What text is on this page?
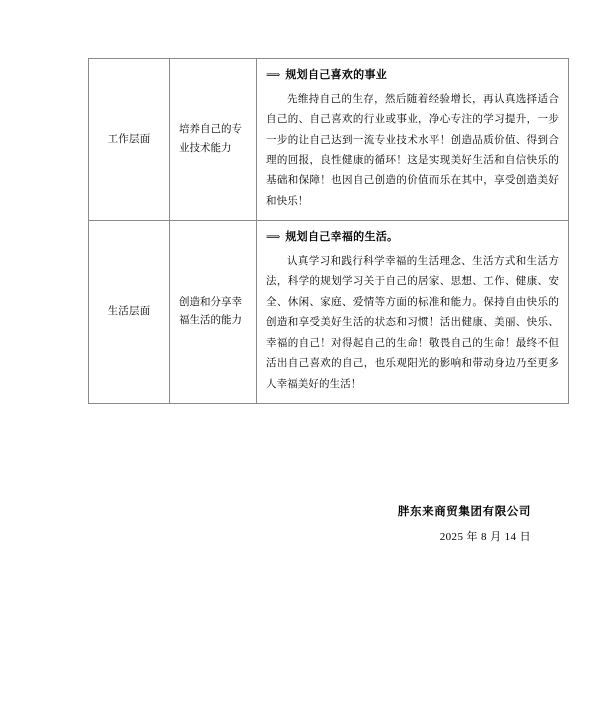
工作层面	培养自己的专业技术能力	⟹ 规划自己喜欢的事业
先维持自己的生存，然后随着经验增长，再认真选择适合自己的、自己喜欢的行业或事业，净心专注的学习提升，一步一步的让自己达到一流专业技术水平！创造品质价值、得到合理的回报，良性健康的循环！这是实现美好生活和自信快乐的基础和保障！也因自己创造的价值而乐在其中，享受创造美好和快乐！

生活层面	创造和分享幸福生活的能力	⟹ 规划自己幸福的生活。
认真学习和践行科学幸福的生活理念、生活方式和生活方法，科学的规划学习关于自己的居家、思想、工作、健康、安全、休闲、家庭、爱情等方面的标准和能力。保持自由快乐的创造和享受美好生活的状态和习惯！活出健康、美丽、快乐、幸福的自己！对得起自己的生命！敬畏自己的生命！最终不但活出自己喜欢的自己，也乐观阳光的影响和带动身边乃至更多人幸福美好的生活！
胖东来商贸集团有限公司
2025 年 8 月 14 日
